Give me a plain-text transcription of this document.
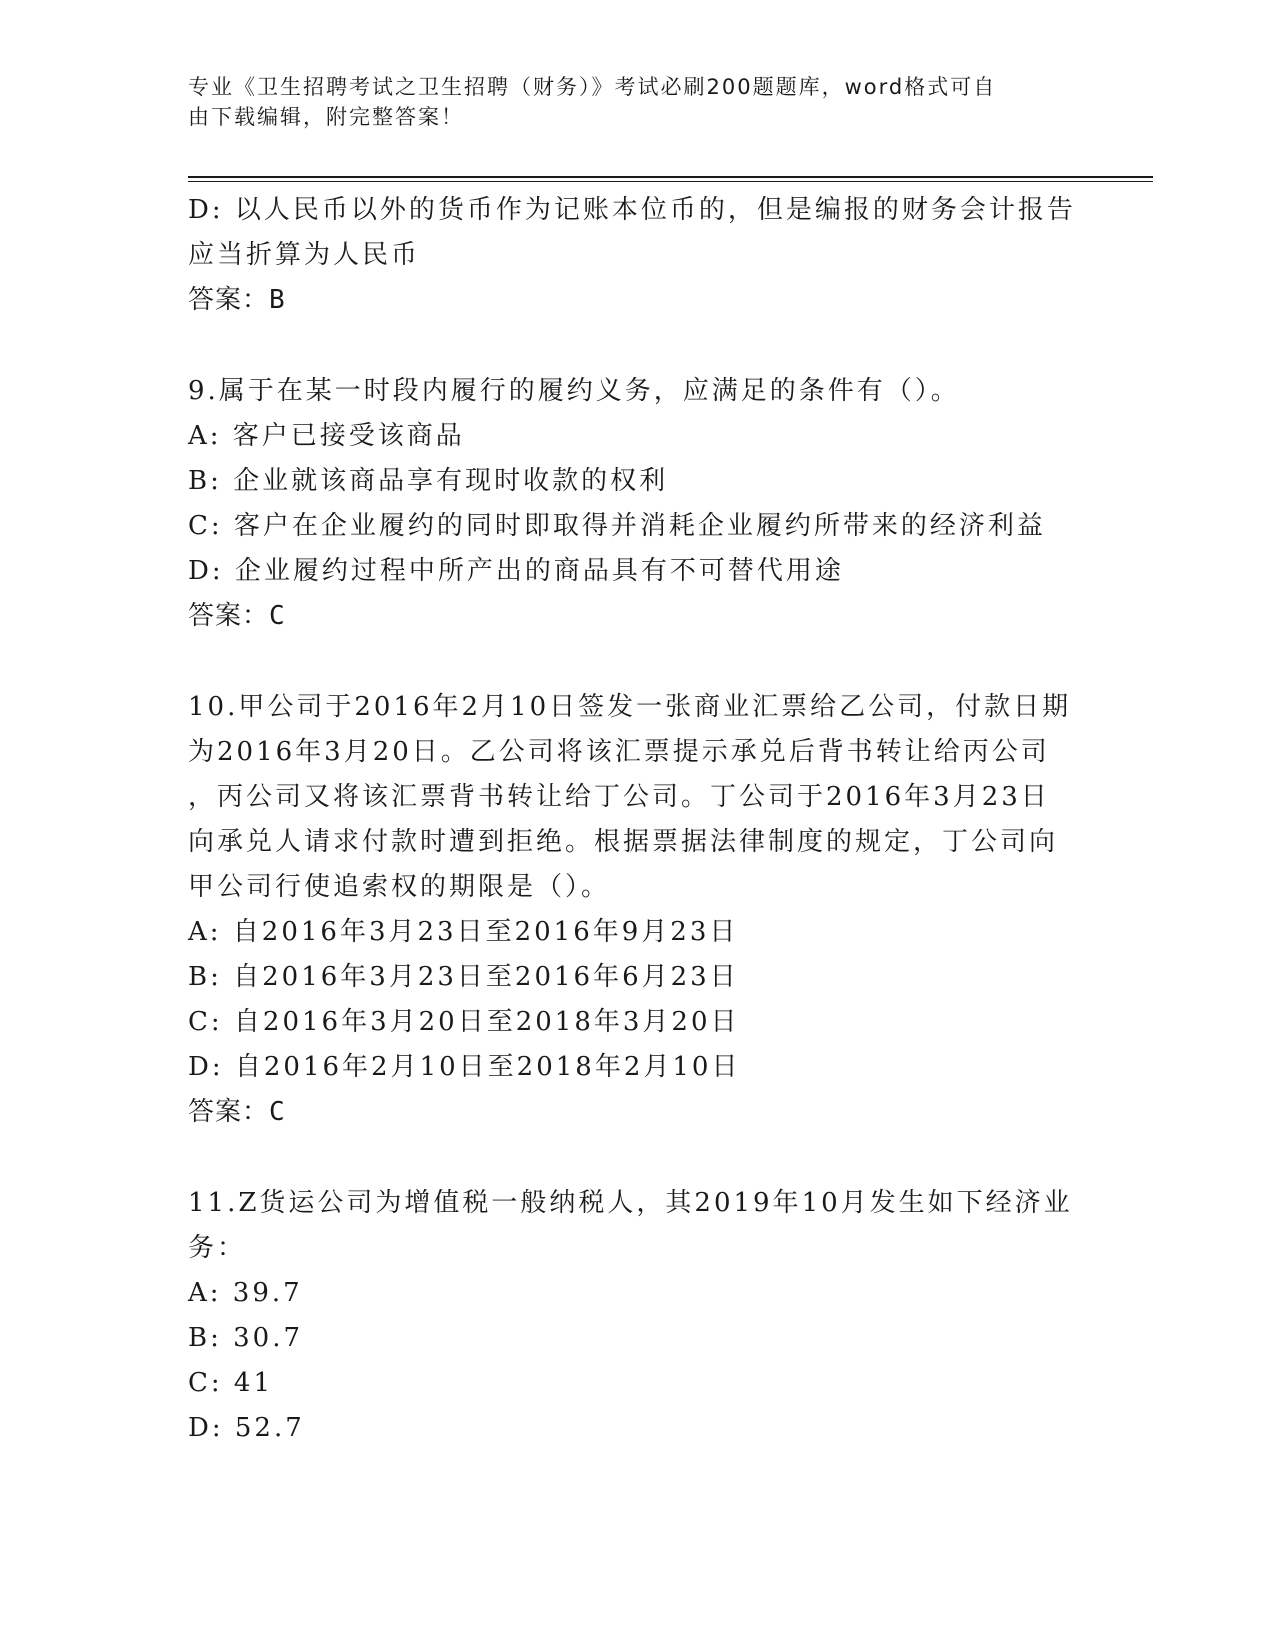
专业《卫生招聘考试之卫生招聘（财务）》考试必刷200题题库，word格式可自
由下载编辑，附完整答案！
D: 以人民币以外的货币作为记账本位币的，但是编报的财务会计报告
应当折算为人民币
答案：B
9.属于在某一时段内履行的履约义务，应满足的条件有（）。
A: 客户已接受该商品
B: 企业就该商品享有现时收款的权利
C: 客户在企业履约的同时即取得并消耗企业履约所带来的经济利益
D: 企业履约过程中所产出的商品具有不可替代用途
答案：C
10.甲公司于2016年2月10日签发一张商业汇票给乙公司，付款日期
为2016年3月20日。乙公司将该汇票提示承兑后背书转让给丙公司
，丙公司又将该汇票背书转让给丁公司。丁公司于2016年3月23日
向承兑人请求付款时遭到拒绝。根据票据法律制度的规定，丁公司向
甲公司行使追索权的期限是（）。
A: 自2016年3月23日至2016年9月23日
B: 自2016年3月23日至2016年6月23日
C: 自2016年3月20日至2018年3月20日
D: 自2016年2月10日至2018年2月10日
答案：C
11.Z货运公司为增值税一般纳税人，其2019年10月发生如下经济业
务：
A: 39.7
B: 30.7
C: 41
D: 52.7
